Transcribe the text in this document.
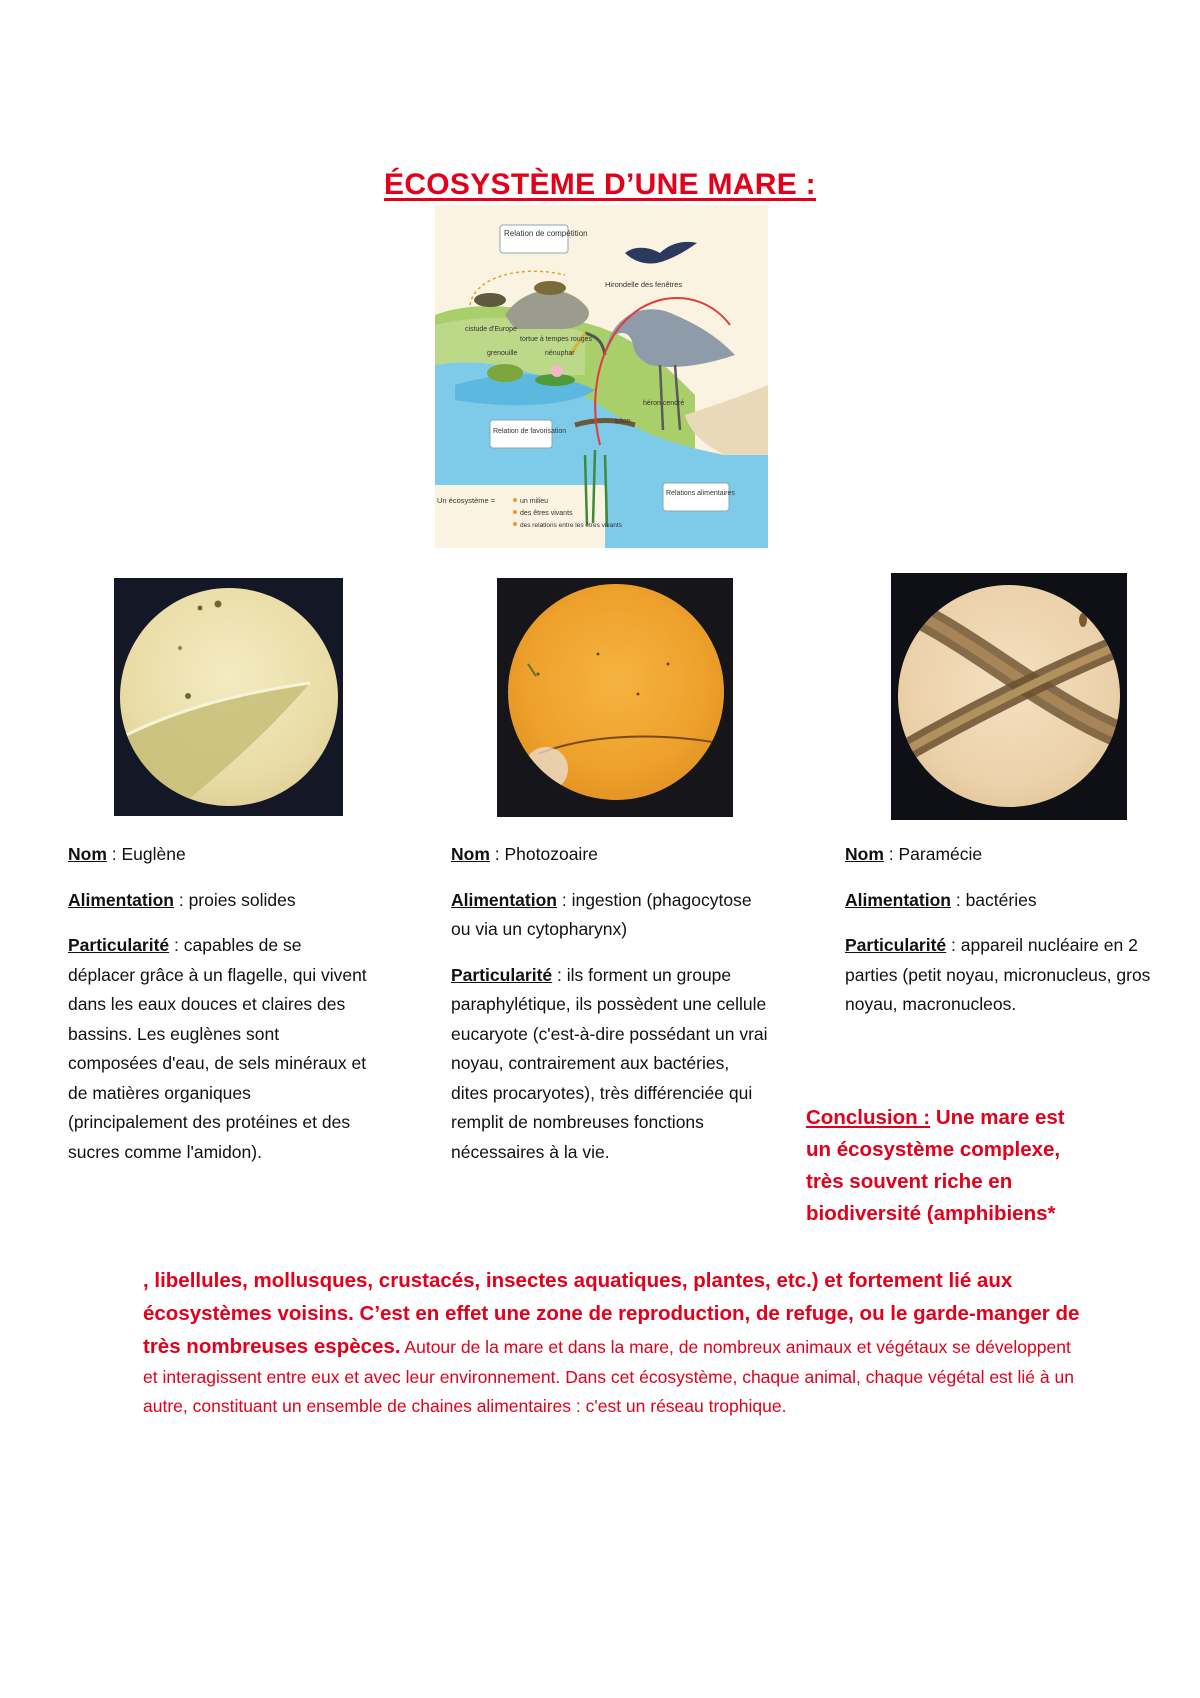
ÉCOSYSTÈME D’UNE MARE :
Relation de compétition
Hirondelle des fenêtres
cistude d'Europe
tortue à tempes rouges
grenouille	nénuphar
héron cendré
triton
Relation de favorisation
Relations alimentaires
Un écosystème =	un milieu
des êtres vivants
des relations entre les êtres vivants

Nom : Euglène

Alimentation : proies solides

Particularité : capables de se déplacer grâce à un flagelle, qui vivent dans les eaux douces et claires des bassins. Les euglènes sont composées d'eau, de sels minéraux et de matières organiques (principalement des protéines et des sucres comme l'amidon).

Nom : Photozoaire

Alimentation : ingestion (phagocytose ou via un cytopharynx)

Particularité : ils forment un groupe paraphylétique, ils possèdent une cellule eucaryote (c'est-à-dire possédant un vrai noyau, contrairement aux bactéries, dites procaryotes), très différenciée qui remplit de nombreuses fonctions nécessaires à la vie.

Nom : Paramécie

Alimentation : bactéries

Particularité : appareil nucléaire en 2 parties (petit noyau, micronucleus, gros noyau, macronucleos.

Conclusion : Une mare est un écosystème complexe, très souvent riche en biodiversité (amphibiens*
, libellules, mollusques, crustacés, insectes aquatiques, plantes, etc.) et fortement lié aux écosystèmes voisins. C’est en effet une zone de reproduction, de refuge, ou le garde-manger de très nombreuses espèces. Autour de la mare et dans la mare, de nombreux animaux et végétaux se développent et interagissent entre eux et avec leur environnement. Dans cet écosystème, chaque animal, chaque végétal est lié à un autre, constituant un ensemble de chaines alimentaires : c'est un réseau trophique.
